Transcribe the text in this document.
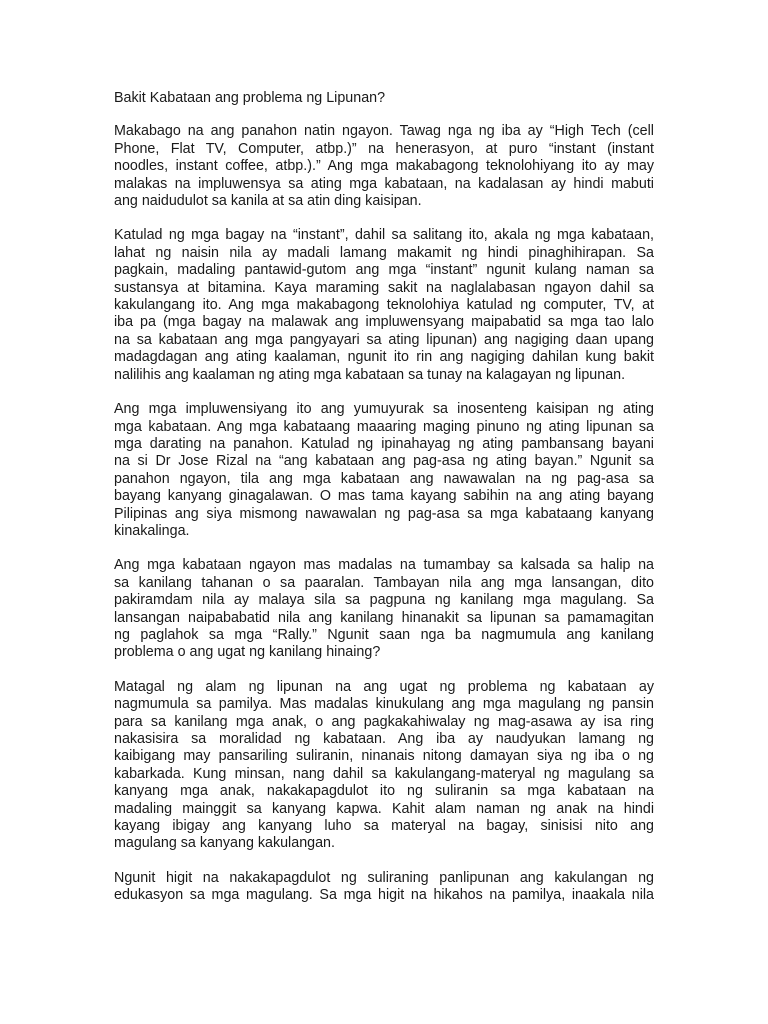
Bakit Kabataan ang problema ng Lipunan?
Makabago na ang panahon natin ngayon. Tawag nga ng iba ay “High Tech (cell
Phone, Flat TV, Computer, atbp.)” na henerasyon, at puro “instant (instant
noodles, instant coffee, atbp.).” Ang mga makabagong teknolohiyang ito ay may
malakas na impluwensya sa ating mga kabataan, na kadalasan ay hindi mabuti
ang naidudulot sa kanila at sa atin ding kaisipan.
Katulad ng mga bagay na “instant”, dahil sa salitang ito, akala ng mga kabataan,
lahat ng naisin nila ay madali lamang makamit ng hindi pinaghihirapan. Sa
pagkain, madaling pantawid-gutom ang mga “instant” ngunit kulang naman sa
sustansya at bitamina. Kaya maraming sakit na naglalabasan ngayon dahil sa
kakulangang ito. Ang mga makabagong teknolohiya katulad ng computer, TV, at
iba pa (mga bagay na malawak ang impluwensyang maipabatid sa mga tao lalo
na sa kabataan ang mga pangyayari sa ating lipunan) ang nagiging daan upang
madagdagan ang ating kaalaman, ngunit ito rin ang nagiging dahilan kung bakit
nalilihis ang kaalaman ng ating mga kabataan sa tunay na kalagayan ng lipunan.
Ang mga impluwensiyang ito ang yumuyurak sa inosenteng kaisipan ng ating
mga kabataan. Ang mga kabataang maaaring maging pinuno ng ating lipunan sa
mga darating na panahon. Katulad ng ipinahayag ng ating pambansang bayani
na si Dr Jose Rizal na “ang kabataan ang pag-asa ng ating bayan.” Ngunit sa
panahon ngayon, tila ang mga kabataan ang nawawalan na ng pag-asa sa
bayang kanyang ginagalawan. O mas tama kayang sabihin na ang ating bayang
Pilipinas ang siya mismong nawawalan ng pag-asa sa mga kabataang kanyang
kinakalinga.
Ang mga kabataan ngayon mas madalas na tumambay sa kalsada sa halip na
sa kanilang tahanan o sa paaralan. Tambayan nila ang mga lansangan, dito
pakiramdam nila ay malaya sila sa pagpuna ng kanilang mga magulang. Sa
lansangan naipababatid nila ang kanilang hinanakit sa lipunan sa pamamagitan
ng paglahok sa mga “Rally.” Ngunit saan nga ba nagmumula ang kanilang
problema o ang ugat ng kanilang hinaing?
Matagal ng alam ng lipunan na ang ugat ng problema ng kabataan ay
nagmumula sa pamilya. Mas madalas kinukulang ang mga magulang ng pansin
para sa kanilang mga anak, o ang pagkakahiwalay ng mag-asawa ay isa ring
nakasisira sa moralidad ng kabataan. Ang iba ay naudyukan lamang ng
kaibigang may pansariling suliranin, ninanais nitong damayan siya ng iba o ng
kabarkada. Kung minsan, nang dahil sa kakulangang-materyal ng magulang sa
kanyang mga anak, nakakapagdulot ito ng suliranin sa mga kabataan na
madaling mainggit sa kanyang kapwa. Kahit alam naman ng anak na hindi
kayang ibigay ang kanyang luho sa materyal na bagay, sinisisi nito ang
magulang sa kanyang kakulangan.
Ngunit higit na nakakapagdulot ng suliraning panlipunan ang kakulangan ng
edukasyon sa mga magulang. Sa mga higit na hikahos na pamilya, inaakala nila
